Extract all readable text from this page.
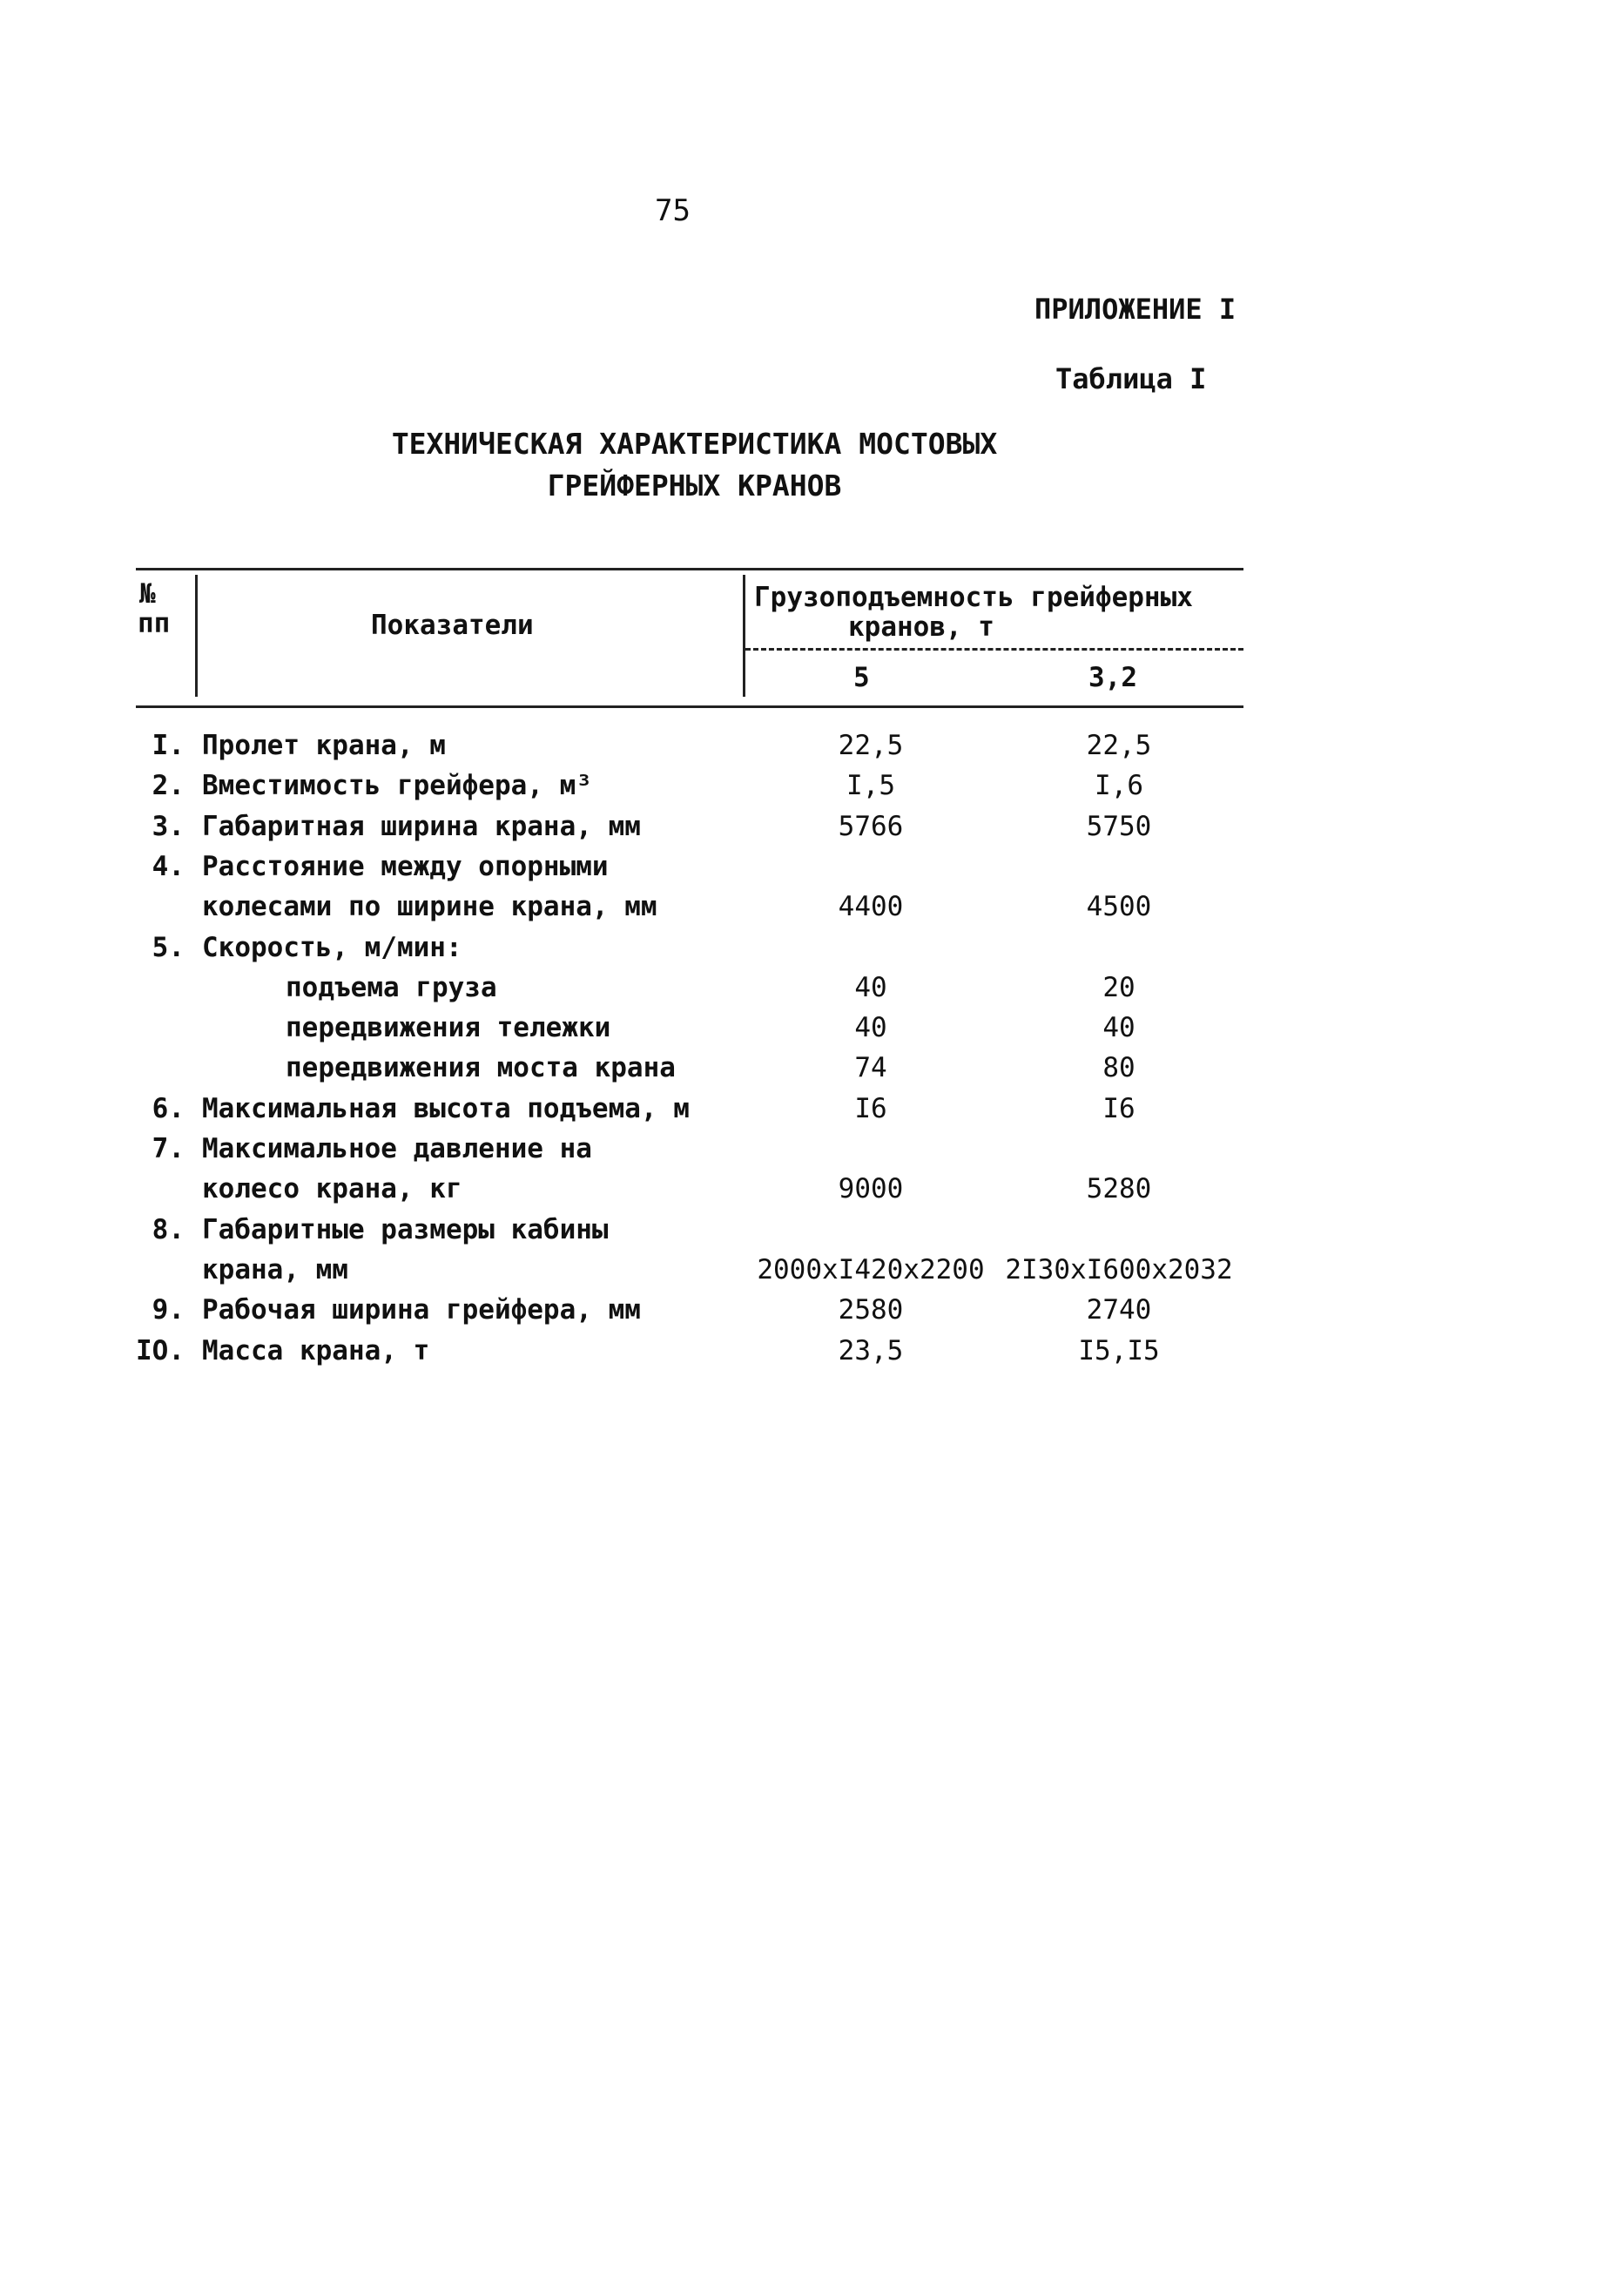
75
ПРИЛОЖЕНИЕ I
Таблица I
ТЕХНИЧЕСКАЯ ХАРАКТЕРИСТИКА МОСТОВЫХ
ГРЕЙФЕРНЫХ КРАНОВ
№
пп	Показатели
Грузоподъемность грейферных
кранов, т
5	3,2
I. Пролет крана, м	22,5	22,5
2. Вместимость грейфера, м³	I,5	I,6
3. Габаритная ширина крана, мм	5766	5750
4. Расстояние между опорными
колесами по ширине крана, мм	4400	4500
5. Скорость, м/мин:
подъема груза	40	20
передвижения тележки	40	40
передвижения моста крана	74	80
6. Максимальная высота подъема, м	I6	I6
7. Максимальное давление на
колесо крана, кг	9000	5280
8. Габаритные размеры кабины
крана, мм	2000хI420х2200 2I30хI600х2032
9. Рабочая ширина грейфера, мм	2580	2740
IO. Масса крана, т	23,5	I5,I5
